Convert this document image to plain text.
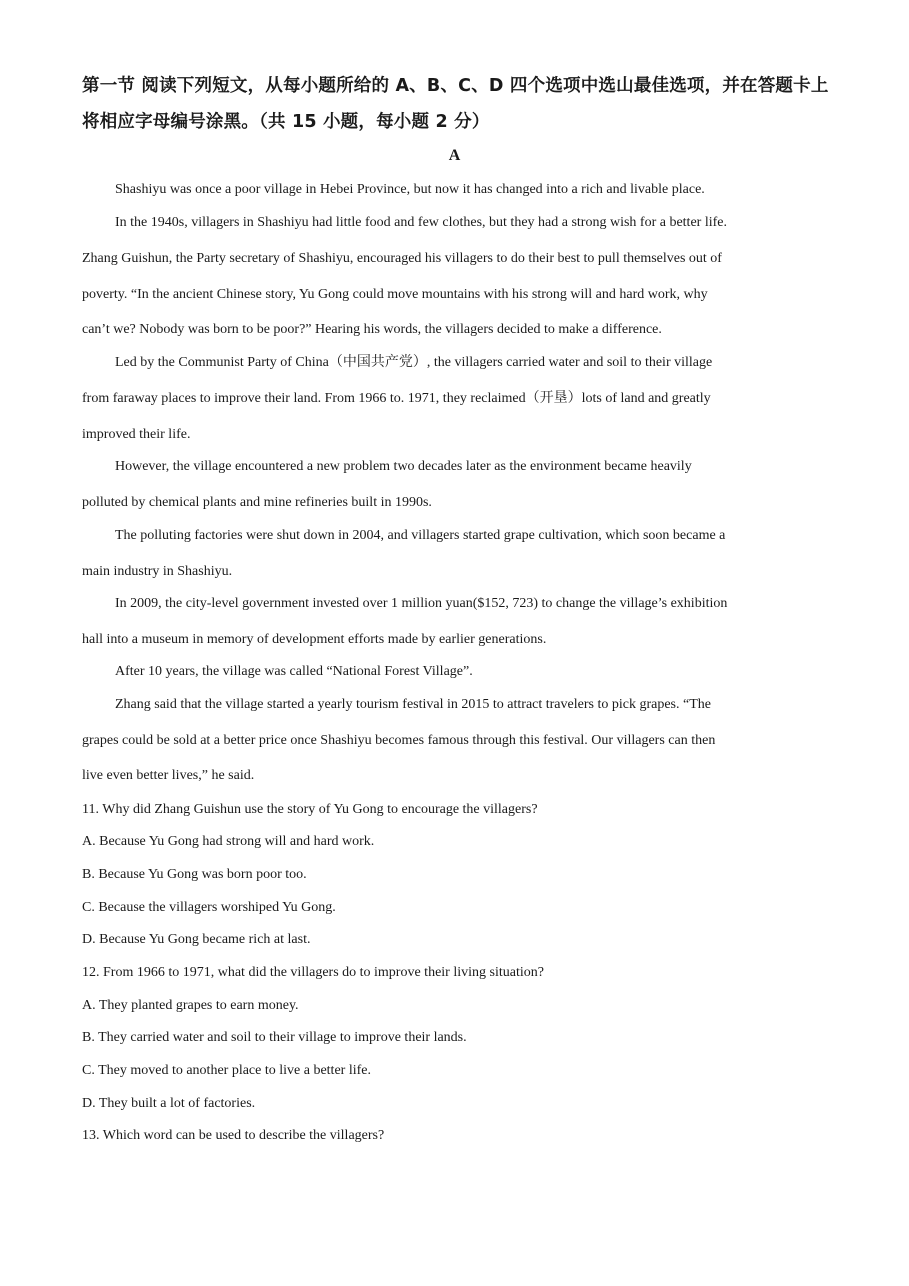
第一节 阅读下列短文，从每小题所给的 A、B、C、D 四个选项中选山最佳选项，并在答题卡上
将相应字母编号涂黑。（共 15 小题，每小题 2 分）
A
Shashiyu was once a poor village in Hebei Province, but now it has changed into a rich and livable place.
In the 1940s, villagers in Shashiyu had little food and few clothes, but they had a strong wish for a better life.
Zhang Guishun, the Party secretary of Shashiyu, encouraged his villagers to do their best to pull themselves out of
poverty. “In the ancient Chinese story, Yu Gong could move mountains with his strong will and hard work, why
can’t we? Nobody was born to be poor?” Hearing his words, the villagers decided to make a difference.
Led by the Communist Party of China（中国共产党）, the villagers carried water and soil to their village
from faraway places to improve their land. From 1966 to. 1971, they reclaimed（开垦）lots of land and greatly
improved their life.
However, the village encountered a new problem two decades later as the environment became heavily
polluted by chemical plants and mine refineries built in 1990s.
The polluting factories were shut down in 2004, and villagers started grape cultivation, which soon became a
main industry in Shashiyu.
In 2009, the city-level government invested over 1 million yuan($152, 723) to change the village’s exhibition
hall into a museum in memory of development efforts made by earlier generations.
After 10 years, the village was called “National Forest Village”.
Zhang said that the village started a yearly tourism festival in 2015 to attract travelers to pick grapes. “The
grapes could be sold at a better price once Shashiyu becomes famous through this festival. Our villagers can then
live even better lives,” he said.
11. Why did Zhang Guishun use the story of Yu Gong to encourage the villagers?
A. Because Yu Gong had strong will and hard work.
B. Because Yu Gong was born poor too.
C. Because the villagers worshiped Yu Gong.
D. Because Yu Gong became rich at last.
12. From 1966 to 1971, what did the villagers do to improve their living situation?
A. They planted grapes to earn money.
B. They carried water and soil to their village to improve their lands.
C. They moved to another place to live a better life.
D. They built a lot of factories.
13. Which word can be used to describe the villagers?
